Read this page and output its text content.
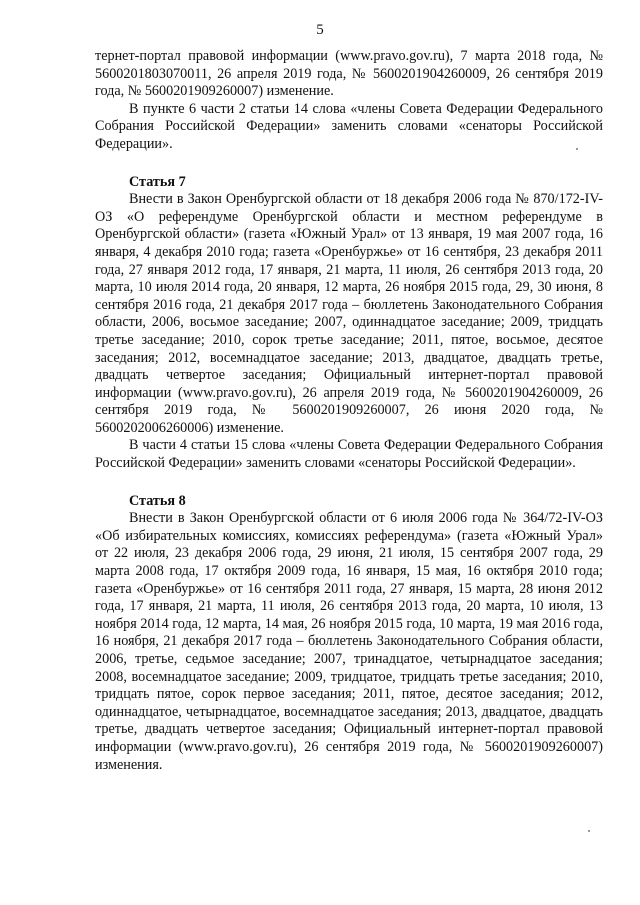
5

тернет-портал правовой информации (www.pravo.gov.ru), 7 марта 2018 года, № 5600201803070011, 26 апреля 2019 года, № 5600201904260009, 26 сентября 2019 года, № 5600201909260007) изменение.

В пункте 6 части 2 статьи 14 слова «члены Совета Федерации Федерального Собрания Российской Федерации» заменить словами «сенаторы Российской Федерации».

Статья 7

Внести в Закон Оренбургской области от 18 декабря 2006 года № 870/172-IV-ОЗ «О референдуме Оренбургской области и местном референдуме в Оренбургской области» (газета «Южный Урал» от 13 января, 19 мая 2007 года, 16 января, 4 декабря 2010 года; газета «Оренбуржье» от 16 сентября, 23 декабря 2011 года, 27 января 2012 года, 17 января, 21 марта, 11 июля, 26 сентября 2013 года, 20 марта, 10 июля 2014 года, 20 января, 12 марта, 26 ноября 2015 года, 29, 30 июня, 8 сентября 2016 года, 21 декабря 2017 года – бюллетень Законодательного Собрания области, 2006, восьмое заседание; 2007, одиннадцатое заседание; 2009, тридцать третье заседание; 2010, сорок третье заседание; 2011, пятое, восьмое, десятое заседания; 2012, восемнадцатое заседание; 2013, двадцатое, двадцать третье, двадцать четвертое заседания; Официальный интернет-портал правовой информации (www.pravo.gov.ru), 26 апреля 2019 года, № 5600201904260009, 26 сентября 2019 года, № 5600201909260007, 26 июня 2020 года, № 5600202006260006) изменение.

В части 4 статьи 15 слова «члены Совета Федерации Федерального Собрания Российской Федерации» заменить словами «сенаторы Российской Федерации».

Статья 8

Внести в Закон Оренбургской области от 6 июля 2006 года № 364/72-IV-ОЗ «Об избирательных комиссиях, комиссиях референдума» (газета «Южный Урал» от 22 июля, 23 декабря 2006 года, 29 июня, 21 июля, 15 сентября 2007 года, 29 марта 2008 года, 17 октября 2009 года, 16 января, 15 мая, 16 октября 2010 года; газета «Оренбуржье» от 16 сентября 2011 года, 27 января, 15 марта, 28 июня 2012 года, 17 января, 21 марта, 11 июля, 26 сентября 2013 года, 20 марта, 10 июля, 13 ноября 2014 года, 12 марта, 14 мая, 26 ноября 2015 года, 10 марта, 19 мая 2016 года, 16 ноября, 21 декабря 2017 года – бюллетень Законодательного Собрания области, 2006, третье, седьмое заседание; 2007, тринадцатое, четырнадцатое заседания; 2008, восемнадцатое заседание; 2009, тридцатое, тридцать третье заседания; 2010, тридцать пятое, сорок первое заседания; 2011, пятое, десятое заседания; 2012, одиннадцатое, четырнадцатое, восемнадцатое заседания; 2013, двадцатое, двадцать третье, двадцать четвертое заседания; Официальный интернет-портал правовой информации (www.pravo.gov.ru), 26 сентября 2019 года, № 5600201909260007) изменения.
